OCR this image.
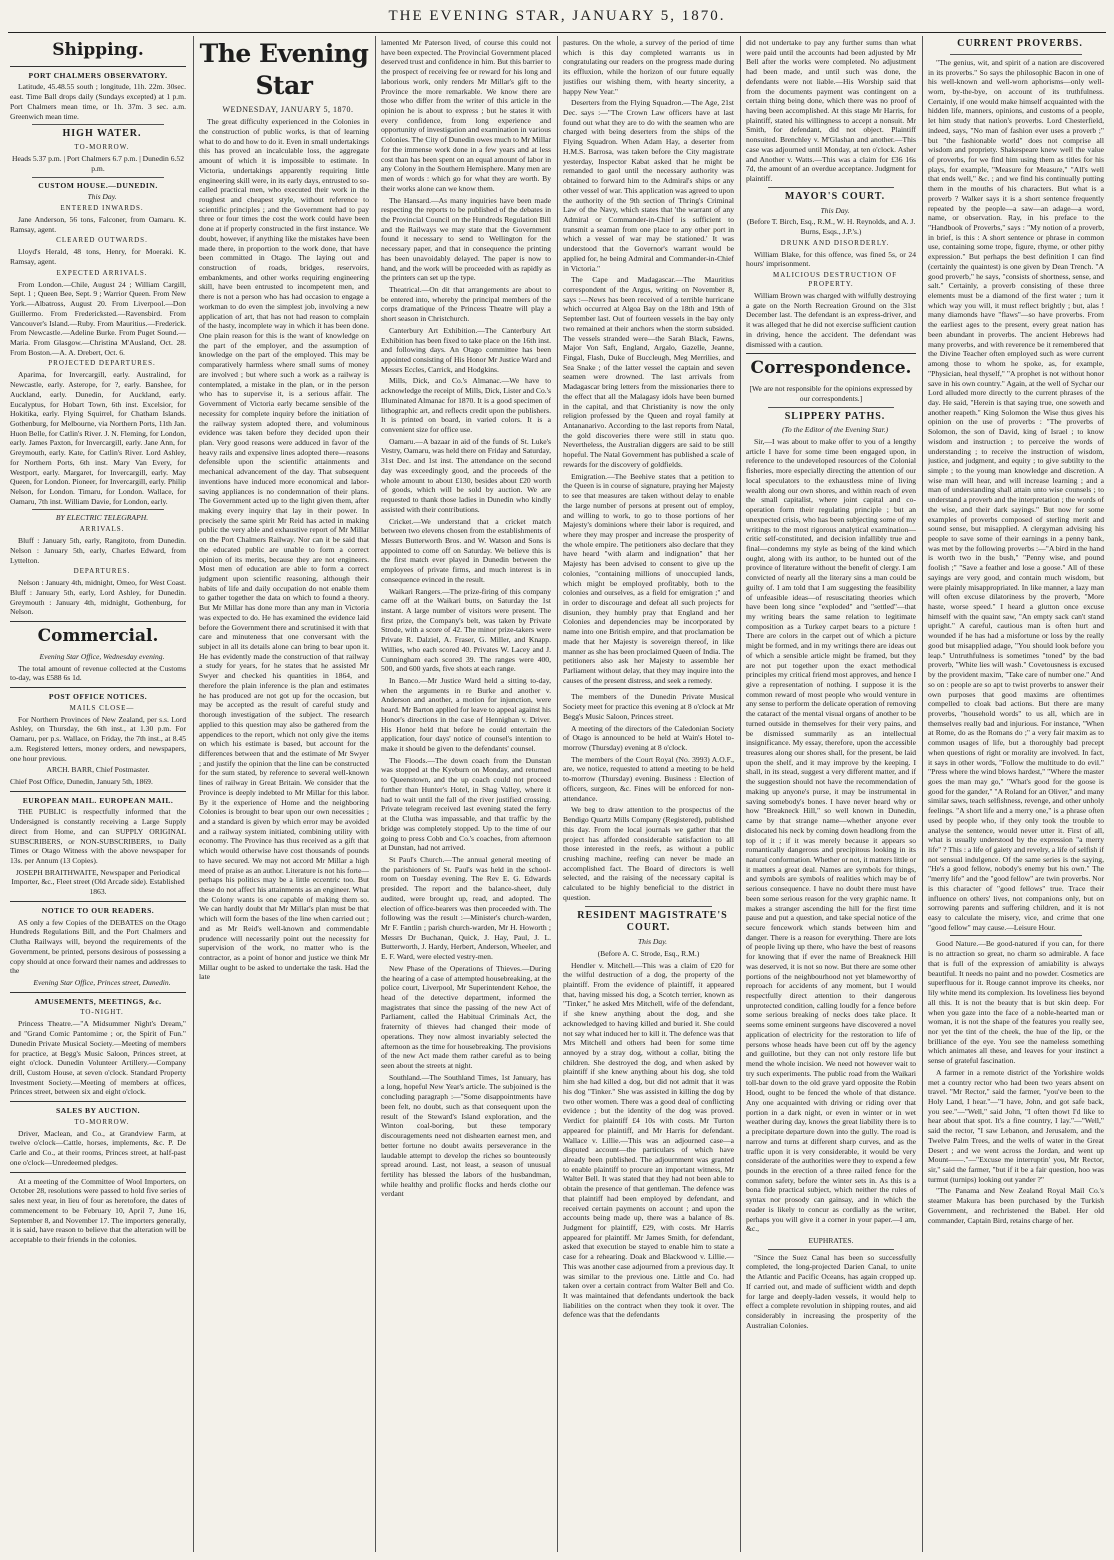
THE EVENING STAR, JANUARY 5, 1870.
Shipping.

PORT CHALMERS OBSERVATORY.

Latitude, 45.48.55 south ; longitude, 11h. 22m. 30sec. east. Time Ball drops daily (Sundays excepted) at 1 p.m. Port Chalmers mean time, or 1h. 37m. 3 sec. a.m. Greenwich mean time.

HIGH WATER.

TO-MORROW.

Heads 5.37 p.m. | Port Chalmers 6.7 p.m. | Dunedin 6.52 p.m.

CUSTOM HOUSE.—DUNEDIN.

This Day.

ENTERED INWARDS.

Jane Anderson, 56 tons, Falconer, from Oamaru. K. Ramsay, agent.

CLEARED OUTWARDS.

Lloyd's Herald, 48 tons, Henry, for Moeraki. K. Ramsay, agent.

EXPECTED ARRIVALS.

From London.—Chile, August 24 ; William Cargill, Sept. 1 ; Queen Bee, Sept. 9 ; Warrior Queen. From New York.—Albatross, August 20. From Liverpool.—Don Guillermo. From Fredericksted.—Ravensbird. From Vancouver's Island.—Ruby. From Mauritius.—Frederick. From Newcastle.—Adeline Burke. From Puget Sound.—Maria. From Glasgow.—Christina M'Ausland, Oct. 28. From Boston.—A. A. Drebert, Oct. 6.

PROJECTED DEPARTURES.

Aparima, for Invercargill, early. Australind, for Newcastle, early. Asterope, for ?, early. Banshee, for Auckland, early. Dunedin, for Auckland, early. Eucalyptus, for Hobart Town, 6th inst. Excelsior, for Hokitika, early. Flying Squirrel, for Chatham Islands. Gothenburg, for Melbourne, via Northern Ports, 11th Jan. Huon Belle, for Catlin's River. J. N. Fleming, for London, early. James Paxton, for Invercargill, early. Jane Ann, for Greymouth, early. Kate, for Catlin's River. Lord Ashley, for Northern Ports, 6th inst. Mary Van Every, for Westport, early. Margaret, for Invercargill, early. May Queen, for London. Pioneer, for Invercargill, early. Philip Nelson, for London. Timaru, for London. Wallace, for Oamaru, 7th inst. William Davie, for London, early.

BY ELECTRIC TELEGRAPH.

ARRIVALS.

Bluff : January 5th, early, Rangitoto, from Dunedin. Nelson : January 5th, early, Charles Edward, from Lyttelton.

DEPARTURES.

Nelson : January 4th, midnight, Omeo, for West Coast. Bluff : January 5th, early, Lord Ashley, for Dunedin. Greymouth : January 4th, midnight, Gothenburg, for Nelson.

Commercial.

Evening Star Office, Wednesday evening.

The total amount of revenue collected at the Customs to-day, was £588 6s 1d.

POST OFFICE NOTICES.

MAILS CLOSE—

For Northern Provinces of New Zealand, per s.s. Lord Ashley, on Thursday, the 6th inst., at 1.30 p.m. For Oamaru, per p.s. Wallace, on Friday, the 7th inst., at 8.45 a.m. Registered letters, money orders, and newspapers, one hour previous.

ARCH. BARR, Chief Postmaster.

Chief Post Office, Dunedin, January 5th, 1869.

EUROPEAN MAIL. EUROPEAN MAIL.

THE PUBLIC is respectfully informed that the Undersigned is constantly receiving a Large Supply direct from Home, and can SUPPLY ORIGINAL SUBSCRIBERS, or NON-SUBSCRIBERS, to Daily Times or Otago Witness with the above newspaper for 13s. per Annum (13 Copies).

JOSEPH BRAITHWAITE, Newspaper and Periodical Importer, &c., Fleet street (Old Arcade side). Established 1863.

NOTICE TO OUR READERS.

AS only a few Copies of the DEBATES on the Otago Hundreds Regulations Bill, and the Port Chalmers and Clutha Railways will, beyond the requirements of the Government, be printed, persons desirous of possessing a copy should at once forward their names and addresses to the

Evening Star Office, Princes street, Dunedin.

AMUSEMENTS, MEETINGS, &c.

TO-NIGHT.

Princess Theatre.—"A Midsummer Night's Dream," and "Grand Comic Pantomime ; or, the Spirit of Fun." Dunedin Private Musical Society.—Meeting of members for practice, at Begg's Music Saloon, Princes street, at eight o'clock. Dunedin Volunteer Artillery.—Company drill, Custom House, at seven o'clock. Standard Property Investment Society.—Meeting of members at offices, Princes street, between six and eight o'clock.

SALES BY AUCTION.

TO-MORROW.

Driver, Maclean, and Co., at Grandview Farm, at twelve o'clock—Cattle, horses, implements, &c. P. De Carle and Co., at their rooms, Princes street, at half-past one o'clock—Unredeemed pledges.

At a meeting of the Committee of Wool Importers, on October 28, resolutions were passed to hold five series of sales next year, in lieu of four as heretofore, the dates of commencement to be February 10, April 7, June 16, September 8, and November 17. The importers generally, it is said, have reason to believe that the alteration will be acceptable to their friends in the colonies.

The Evening Star

WEDNESDAY, JANUARY 5, 1870.

The great difficulty experienced in the Colonies in the construction of public works, is that of learning what to do and how to do it. Even in small undertakings this has proved an incalculable loss, the aggregate amount of which it is impossible to estimate. In Victoria, undertakings apparently requiring little engineering skill were, in its early days, entrusted to so-called practical men, who executed their work in the roughest and cheapest style, without reference to scientific principles ; and the Government had to pay three or four times the cost the work could have been done at if properly constructed in the first instance. We doubt, however, if anything like the mistakes have been made there, in proportion to the work done, that have been committed in Otago. The laying out and construction of roads, bridges, reservoirs, embankments, and other works requiring engineering skill, have been entrusted to incompetent men, and there is not a person who has had occasion to engage a workman to do even the simplest job, involving a new application of art, that has not had reason to complain of the hasty, incomplete way in which it has been done. One plain reason for this is the want of knowledge on the part of the employer, and the assumption of knowledge on the part of the employed. This may be comparatively harmless where small sums of money are involved ; but where such a work as a railway is contemplated, a mistake in the plan, or in the person who has to supervise it, is a serious affair. The Government of Victoria early became sensible of the necessity for complete inquiry before the initiation of the railway system adopted there, and voluminous evidence was taken before they decided upon their plan. Very good reasons were adduced in favor of the heavy rails and expensive lines adopted there—reasons defensible upon the scientific attainments and mechanical advancement of the day. That subsequent inventions have induced more economical and labor-saving appliances is no condemnation of their plans. The Government acted up to the light given them, after making every inquiry that lay in their power. In precisely the same spirit Mr Reid has acted in making public the very able and exhaustive report of Mr Millar on the Port Chalmers Railway. Nor can it be said that the educated public are unable to form a correct opinion of its merits, because they are not engineers. Most men of education are able to form a correct judgment upon scientific reasoning, although their habits of life and daily occupation do not enable them to gather together the data on which to found a theory. But Mr Millar has done more than any man in Victoria was expected to do. He has examined the evidence laid before the Government there and scrutinised it with that care and minuteness that one conversant with the subject in all its details alone can bring to bear upon it. He has evidently made the construction of that railway a study for years, for he states that he assisted Mr Swyer and checked his quantities in 1864, and therefore the plain inference is the plan and estimates he has produced are not got up for the occasion, but may be accepted as the result of careful study and thorough investigation of the subject. The research applied to this question may also be gathered from the appendices to the report, which not only give the items on which his estimate is based, but account for the differences between that and the estimate of Mr Swyer ; and justify the opinion that the line can be constructed for the sum stated, by reference to several well-known lines of railway in Great Britain. We consider that the Province is deeply indebted to Mr Millar for this labor. By it the experience of Home and the neighboring Colonies is brought to bear upon our own necessities ; and a standard is given by which error may be avoided and a railway system initiated, combining utility with economy. The Province has thus received as a gift that which would otherwise have cost thousands of pounds to have secured. We may not accord Mr Millar a high meed of praise as an author. Literature is not his forte—perhaps his politics may be a little eccentric too. But these do not affect his attainments as an engineer. What the Colony wants is one capable of making them so. We can hardly doubt that Mr Millar's plan must be that which will form the bases of the line when carried out ; and as Mr Reid's well-known and commendable prudence will necessarily point out the necessity for supervision of the work, no matter who is the contractor, as a point of honor and justice we think Mr Millar ought to be asked to undertake the task. Had the late

lamented Mr Paterson lived, of course this could not have been expected. The Provincial Government placed deserved trust and confidence in him. But this barrier to the prospect of receiving fee or reward for his long and laborious work, only renders Mr Millar's gift to the Province the more remarkable. We know there are those who differ from the writer of this article in the opinion he is about to express ; but he states it with every confidence, from long experience and opportunity of investigation and examination in various Colonies. The City of Dunedin owes much to Mr Millar for the immense work done in a few years and at less cost than has been spent on an equal amount of labor in any Colony in the Southern Hemisphere. Many men are men of words : which go for what they are worth. By their works alone can we know them.

The Hansard.—As many inquiries have been made respecting the reports to be published of the debates in the Provincial Council on the Hundreds Regulation Bill and the Railways we may state that the Government found it necessary to send to Wellington for the necessary paper, and that in consequence the printing has been unavoidably delayed. The paper is now to hand, and the work will be proceeded with as rapidly as the printers can set up the type.

Theatrical.—On dit that arrangements are about to be entered into, whereby the principal members of the corps dramatique of the Princess Theatre will play a short season in Christchurch.

Canterbury Art Exhibition.—The Canterbury Art Exhibition has been fixed to take place on the 16th inst. and following days. An Otago committee has been appointed consisting of His Honor Mr Justice Ward and Messrs Eccles, Carrick, and Hodgkins.

Mills, Dick, and Co.'s Almanac.—We have to acknowledge the receipt of Mills, Dick, Lister and Co.'s Illuminated Almanac for 1870. It is a good specimen of lithographic art, and reflects credit upon the publishers. It is printed on board, in varied colors. It is a convenient size for office use.

Oamaru.—A bazaar in aid of the funds of St. Luke's Vestry, Oamaru, was held there on Friday and Saturday, 31st Dec. and 1st inst. The attendance on the second day was exceedingly good, and the proceeds of the whole amount to about £130, besides about £20 worth of goods, which will be sold by auction. We are requested to thank those ladies in Dunedin who kindly assisted with their contributions.

Cricket.—We understand that a cricket match between two elevens chosen from the establishments of Messrs Butterworth Bros. and W. Watson and Sons is appointed to come off on Saturday. We believe this is the first match ever played in Dunedin between the employees of private firms, and much interest is in consequence evinced in the result.

Waikari Rangers.—The prize-firing of this company came off at the Waikari butts, on Saturday the 1st instant. A large number of visitors were present. The first prize, the Company's belt, was taken by Private Strode, with a score of 42. The minor prize-takers were Private R. Dalziel, A. Fraser, G. Miller, and Knapp. Willies, who each scored 40. Privates W. Lacey and J. Cunningham each scored 39. The ranges were 400, 500, and 600 yards, five shots at each range.

In Banco.—Mr Justice Ward held a sitting to-day, when the arguments in re Burke and another v. Anderson and another, a motion for injunction, were heard. Mr Barton applied for leave to appeal against his Honor's directions in the case of Hennighan v. Driver. His Honor held that before he could entertain the application, four days' notice of counsel's intention to make it should be given to the defendants' counsel.

The Floods.—The down coach from the Dunstan was stopped at the Kyeburn on Monday, and returned to Queenstown, and the up coach could not proceed further than Hunter's Hotel, in Shag Valley, where it had to wait until the fall of the river justified crossing. Private telegram received last evening stated the ferry at the Clutha was impassable, and that traffic by the bridge was completely stopped. Up to the time of our going to press Cobb and Co.'s coaches, from afternoon at Dunstan, had not arrived.

St Paul's Church.—The annual general meeting of the parishioners of St. Paul's was held in the school-room on Tuesday evening. The Rev E. G. Edwards presided. The report and the balance-sheet, duly audited, were brought up, read, and adopted. The election of office-bearers was then proceeded with. The following was the result :—Minister's church-warden, Mr F. Fantlin ; parish church-warden, Mr H. Howorth ; Messrs Dr Buchanan, Quick, J. Hay, Paul, J. L. Butterworth, J. Hardy, Herbert, Anderson, Wheeler, and E. F. Ward, were elected vestry-men.

New Phase of the Operations of Thieves.—During the hearing of a case of attempted housebreaking, at the police court, Liverpool, Mr Superintendent Kehoe, the head of the detective department, informed the magistrates that since the passing of the new Act of Parliament, called the Habitual Criminals Act, the fraternity of thieves had changed their mode of operations. They now almost invariably selected the afternoon as the time for housebreaking. The provisions of the new Act made them rather careful as to being seen about the streets at night.

Southland.—The Southland Times, 1st January, has a long, hopeful New Year's article. The subjoined is the concluding paragraph :—"Some disappointments have been felt, no doubt, such as that consequent upon the result of the Steward's Island exploration, and the Winton coal-boring, but these temporary discouragements need not dishearten earnest men, and better fortune no doubt awaits perseverance in the laudable attempt to develop the riches so bounteously spread around. Last, not least, a season of unusual fertility has blessed the labors of the husbandman, while healthy and prolific flocks and herds clothe our verdant

pastures. On the whole, a survey of the period of time which is this day completed warrants us in congratulating our readers on the progress made during its effluxion, while the horizon of our future equally justifies our wishing them, with hearty sincerity, a happy New Year."

Deserters from the Flying Squadron.—The Age, 21st Dec. says :—"The Crown Law officers have at last found out what they are to do with the seamen who are charged with being deserters from the ships of the Flying Squadron. When Adam Hay, a deserter from H.M.S. Barrosa, was taken before the City magistrate yesterday, Inspector Kabat asked that he might be remanded to gaol until the necessary authority was obtained to forward him to the Admiral's ships or any other vessel of war. This application was agreed to upon the authority of the 9th section of Thring's Criminal Law of the Navy, which states that 'the warrant of any Admiral or Commander-in-Chief is sufficient to transmit a seaman from one place to any other port in which a vessel of war may be stationed.' It was understood that the Governor's warrant would be applied for, he being Admiral and Commander-in-Chief in Victoria."

The Cape and Madagascar.—The Mauritius correspondent of the Argus, writing on November 8, says :—News has been received of a terrible hurricane which occurred at Algoa Bay on the 18th and 19th of September last. Out of fourteen vessels in the bay only two remained at their anchors when the storm subsided. The vessels stranded were—the Sarah Black, Fawns, Major Von Saft, England, Argalo, Gazelle, Jeanne, Fingal, Flash, Duke of Buccleugh, Meg Merrilies, and Sea Snake ; of the latter vessel the captain and seven seamen were drowned. The last arrivals from Madagascar bring letters from the missionaries there to the effect that all the Malagasy idols have been burned in the capital, and that Christianity is now the only religion professed by the Queen and royal family at Antananarivo. According to the last reports from Natal, the gold discoveries there were still in statu quo. Nevertheless, the Australian diggers are said to be still hopeful. The Natal Government has published a scale of rewards for the discovery of goldfields.

Emigration.—The Beehive states that a petition to the Queen is in course of signature, praying her Majesty to see that measures are taken without delay to enable the large number of persons at present out of employ, and willing to work, to go to those portions of her Majesty's dominions where their labor is required, and where they may prosper and increase the prosperity of the whole empire. The petitioners also declare that they have heard "with alarm and indignation" that her Majesty has been advised to consent to give up the colonies, "containing millions of unoccupied lands, which might be employed profitably, both to the colonies and ourselves, as a field for emigration ;" and in order to discourage and defeat all such projects for disunion, they humbly pray that England and her Colonies and dependencies may be incorporated by name into one British empire, and that proclamation be made that her Majesty is sovereign thereof, in like manner as she has been proclaimed Queen of India. The petitioners also ask her Majesty to assemble her Parliament without delay, that they may inquire into the causes of the present distress, and seek a remedy.

The members of the Dunedin Private Musical Society meet for practice this evening at 8 o'clock at Mr Begg's Music Saloon, Princes street.

A meeting of the directors of the Caledonian Society of Otago is announced to be held at Wain's Hotel to-morrow (Thursday) evening at 8 o'clock.

The members of the Court Royal (No. 3993) A.O.F., are, we notice, requested to attend a meeting to be held to-morrow (Thursday) evening. Business : Election of officers, surgeon, &c. Fines will be enforced for non-attendance.

We beg to draw attention to the prospectus of the Bendigo Quartz Mills Company (Registered), published this day. From the local journals we gather that the project has afforded considerable satisfaction to all those interested in the reefs, as without a public crushing machine, reefing can never be made an accomplished fact. The Board of directors is well selected, and the raising of the necessary capital is calculated to be highly beneficial to the district in question.

RESIDENT MAGISTRATE'S COURT.

This Day.

(Before A. C. Strode, Esq., R.M.)

Hendler v. Mitchell.—This was a claim of £20 for the wilful destruction of a dog, the property of the plaintiff. From the evidence of plaintiff, it appeared that, having missed his dog, a Scotch terrier, known as "Tinker," he asked Mrs Mitchell, wife of the defendant, if she knew anything about the dog, and she acknowledged to having killed and buried it. She could not say what induced her to kill it. The defence was that Mrs Mitchell and others had been for some time annoyed by a stray dog, without a collar, biting the children. She destroyed the dog, and when asked by plaintiff if she knew anything about his dog, she told him she had killed a dog, but did not admit that it was his dog "Tinker." She was assisted in killing the dog by two other women. There was a good deal of conflicting evidence ; but the identity of the dog was proved. Verdict for plaintiff £4 10s with costs. Mr Turton appeared for plaintiff, and Mr Harris for defendant. Wallace v. Lillie.—This was an adjourned case—a disputed account—the particulars of which have already been published. The adjournment was granted to enable plaintiff to procure an important witness, Mr Walter Bell. It was stated that they had not been able to obtain the presence of that gentleman. The defence was that plaintiff had been employed by defendant, and received certain payments on account ; and upon the accounts being made up, there was a balance of 8s. Judgment for plaintiff, £29, with costs. Mr Harris appeared for plaintiff. Mr James Smith, for defendant, asked that execution be stayed to enable him to state a case for a rehearing. Doak and Blackwood v. Lillie.—This was another case adjourned from a previous day. It was similar to the previous one. Little and Co. had taken over a certain contract from Walter Bell and Co. It was maintained that defendants undertook the back liabilities on the contract when they took it over. The defence was that the defendants

did not undertake to pay any further sums than what were paid until the accounts had been adjusted by Mr Bell after the works were completed. No adjustment had been made, and until such was done, the defendants were not liable.—His Worship said that from the documents payment was contingent on a certain thing being done, which there was no proof of having been accomplished. At this stage Mr Harris, for plaintiff, stated his willingness to accept a nonsuit. Mr Smith, for defendant, did not object. Plaintiff nonsuited. Brenchley v. M'Glashan and another.—This case was adjourned until Monday, at ten o'clock. Asher and Another v. Watts.—This was a claim for £36 16s 7d, the amount of an overdue acceptance. Judgment for plaintiff.

MAYOR'S COURT.

This Day.

(Before T. Birch, Esq., R.M., W. H. Reynolds, and A. J. Burns, Esqs., J.P.'s.)

DRUNK AND DISORDERLY.

William Blake, for this offence, was fined 5s, or 24 hours' imprisonment.

MALICIOUS DESTRUCTION OF PROPERTY.

William Brown was charged with wilfully destroying a gate on the North Recreation Ground on the 31st December last. The defendant is an express-driver, and it was alleged that he did not exercise sufficient caution in driving, hence the accident. The defendant was dismissed with a caution.

Correspondence.

[We are not responsible for the opinions expressed by our correspondents.]

SLIPPERY PATHS.

(To the Editor of the Evening Star.)

Sir,—I was about to make offer to you of a lengthy article I have for some time been engaged upon, in reference to the undeveloped resources of the Colonial fisheries, more especially directing the attention of our local speculators to the exhaustless mine of living wealth along our own shores, and within reach of even the small capitalist, where joint capital and co-operation form their regulating principle ; but an unexpected crisis, who has been subjecting some of my writings to the most rigorous analytical examination—critic self-constituted, and decision infallibly true and final—condemns my style as being of the kind which ought, along with its author, to be hunted out of the province of literature without the benefit of clergy. I am convicted of nearly all the literary sins a man could be guilty of. I am told that I am suggesting the feasibility of unfeasible ideas—of resuscitating theories which have been long since "exploded" and "settled"—that my writing bears the same relation to legitimate composition as a Turkey carpet bears to a picture ! There are colors in the carpet out of which a picture might be formed, and in my writings there are ideas out of which a sensible article might be framed, but they are not put together upon the exact methodical principles my critical friend most approves, and hence I give a representation of nothing. I suppose it is the common reward of most people who would venture in any sense to perform the delicate operation of removing the cataract of the mental visual organs of another to be turned outside in themselves for their very pains, and be dismissed summarily as an intellectual insignificance. My essay, therefore, upon the accessible treasures along our shores shall, for the present, be laid upon the shelf, and it may improve by the keeping. I shall, in its stead, suggest a very different matter, and if the suggestion should not have the recommendation of making up anyone's purse, it may be instrumental in saving somebody's bones. I have never heard why or how "Breakneck Hill," so well known in Dunedin, came by that strange name—whether anyone ever dislocated his neck by coming down headlong from the top of it ; if it was merely because it appears so romantically dangerous and precipitous looking in its natural conformation. Whether or not, it matters little or it matters a great deal. Names are symbols for things, and symbols are symbols of realities which may be of serious consequence. I have no doubt there must have been some serious reason for the very graphic name. It makes a stranger ascending the hill for the first time pause and put a question, and take special notice of the secure fencework which stands between him and danger. There is a reason for everything. There are lots of people living up there, who have the best of reasons for knowing that if ever the name of Breakneck Hill was deserved, it is not so now. But there are some other portions of the neighbourhood not yet blameworthy of reproach for accidents of any moment, but I would respectfully direct attention to their dangerous unprotected condition, calling loudly for a fence before some serious breaking of necks does take place. It seems some eminent surgeons have discovered a novel application of electricity for the restoration to life of persons whose heads have been cut off by the agency and guillotine, but they can not only restore life but mend the whole incision. We need not however wait to try such experiments. The public road from the Waikari toll-bar down to the old grave yard opposite the Robin Hood, ought to be fenced the whole of that distance. Any one acquainted with driving or riding over that portion in a dark night, or even in winter or in wet weather during day, knows the great liability there is to a precipitate departure down into the gully. The road is narrow and turns at different sharp curves, and as the traffic upon it is very considerable, it would be very considerate of the authorities were they to expend a few pounds in the erection of a three railed fence for the common safety, before the winter sets in. As this is a bona fide practical subject, which neither the rules of syntax nor prosody can gainsay, and in which the reader is likely to concur as cordially as the writer, perhaps you will give it a corner in your paper.—I am, &c.,

EUPHRATES.

"Since the Suez Canal has been so successfully completed, the long-projected Darien Canal, to unite the Atlantic and Pacific Oceans, has again cropped up. If carried out, and made of sufficient width and depth for large and deeply-laden vessels, it would help to effect a complete revolution in shipping routes, and aid considerably in increasing the prosperity of the Australian Colonies.

CURRENT PROVERBS.

"The genius, wit, and spirit of a nation are discovered in its proverbs." So says the philosophic Bacon in one of his well-known and well-worn aphorisms—only well-worn, by-the-bye, on account of its truthfulness. Certainly, if one would make himself acquainted with the hidden life, manners, opinions, and customs of a people, let him study that nation's proverbs. Lord Chesterfield, indeed, says, "No man of fashion ever uses a proverb ;" but "the fashionable world" does not comprise all wisdom and propriety. Shakespeare knew well the value of proverbs, for we find him using them as titles for his plays, for example, "Measure for Measure," "All's well that ends well," &c. ; and we find his continually putting them in the mouths of his characters. But what is a proverb ? Walker says it is a short sentence frequently repeated by the people—a saw—an adage—a word, name, or observation. Ray, in his preface to the "Handbook of Proverbs," says : "My notion of a proverb, in brief, is this : A short sentence or phrase in common use, containing some trope, figure, rhyme, or other pithy expression." But perhaps the best definition I can find (certainly the quaintest) is one given by Dean Trench. "A good proverb," he says, "consists of shortness, sense, and salt." Certainly, a proverb consisting of these three elements must be a diamond of the first water ; turn it which way you will, it must reflect brightly ; but, alas ! many diamonds have "flaws"—so have proverbs. From the earliest ages to the present, every great nation has been abundant in proverbs. The ancient Hebrews had many proverbs, and with reverence be it remembered that the Divine Teacher often employed such as were current among those to whom he spoke, as, for example, "Physician, heal thyself," "A prophet is not without honor save in his own country." Again, at the well of Sychar our Lord alluded more directly to the current phrases of the day. He said, "Herein is that saying true, one soweth and another reapeth." King Solomon the Wise thus gives his opinion on the use of proverbs : "The proverbs of Solomon, the son of David, king of Israel ; to know wisdom and instruction ; to perceive the words of understanding ; to receive the instruction of wisdom, justice, and judgment, and equity ; to give subtilty to the simple ; to the young man knowledge and discretion. A wise man will hear, and will increase learning ; and a man of understanding shall attain unto wise counsels ; to understand a proverb and the interpretation ; the words of the wise, and their dark sayings." But now for some examples of proverbs composed of sterling merit and sound sense, but misapplied. A clergyman advising his people to save some of their earnings in a penny bank, was met by the following proverbs :—"A bird in the hand is worth two in the bush," "Penny wise, and pound foolish ;" "Save a feather and lose a goose." All of these sayings are very good, and contain much wisdom, but were plainly misappropriated. In like manner, a lazy man will often excuse dilatoriness by the proverb, "More haste, worse speed." I heard a glutton once excuse himself with the quaint saw, "An empty sack can't stand upright." A careful, cautious man is often hurt and wounded if he has had a misfortune or loss by the really good but misapplied adage, "You should look before you leap." Untruthfulness is sometimes "toned" by the bad proverb, "White lies will wash." Covetousness is excused by the provident maxim, "Take care of number one." And so on : people are so apt to twist proverbs to answer their own purposes that good maxims are oftentimes compelled to cloak bad actions. But there are many proverbs, "household words" to us all, which are in themselves really bad and injurious. For instance, "When at Rome, do as the Romans do ;" a very fair maxim as to common usages of life, but a thoroughly bad precept when questions of right or morality are involved. In fact, it says in other words, "Follow the multitude to do evil." "Press where the wind blows hardest," "Where the master goes the man may go," "What's good for the goose is good for the gander," "A Roland for an Oliver," and many similar saws, teach selfishness, revenge, and other unholy feelings. "A short life and a merry one," is a phrase often used by people who, if they only took the trouble to analyse the sentence, would never utter it. First of all, what is usually understood by the expression "a merry life" ? This : a life of gaiety and revelry, a life of selfish if not sensual indulgence. Of the same series is the saying, "He's a good fellow, nobody's enemy but his own." The "merry life" and the "good fellow" are twin proverbs. Nor is this character of "good fellows" true. Trace their influence on others' lives, not companions only, but on sorrowing parents and suffering children, and it is not easy to calculate the misery, vice, and crime that one "good fellow" may cause.—Leisure Hour.

Good Nature.—Be good-natured if you can, for there is no attraction so great, no charm so admirable. A face that is full of the expression of amiability is always beautiful. It needs no paint and no powder. Cosmetics are superfluous for it. Rouge cannot improve its cheeks, nor lily white mend its complexion. Its loveliness lies beyond all this. It is not the beauty that is but skin deep. For when you gaze into the face of a noble-hearted man or woman, it is not the shape of the features you really see, nor yet the tint of the cheek, the hue of the lip, or the brilliance of the eye. You see the nameless something which animates all these, and leaves for your instinct a sense of grateful fascination.

A farmer in a remote district of the Yorkshire wolds met a country rector who had been two years absent on travel. "Mr Rector," said the farmer, "you've been to the Holy Land, I hear."—"I have, John, and got safe back, you see."—"Well," said John, "I often thowt I'd like to hear about that spot. It's a fine country, I lay."—"Well," said the rector, "I saw Lebanon, and Jerusalem, and the Twelve Palm Trees, and the wells of water in the Great Desert ; and we went across the Jordan, and went up Mount——."—"Excuse me interruptin' you, Mr Rector, sir," said the farmer, "but if it be a fair question, hoo was turmut (turnips) looking out yander ?"

"The Panama and New Zealand Royal Mail Co.'s steamer Makura has been purchased by the Turkish Government, and rechristened the Babel. Her old commander, Captain Bird, retains charge of her.
